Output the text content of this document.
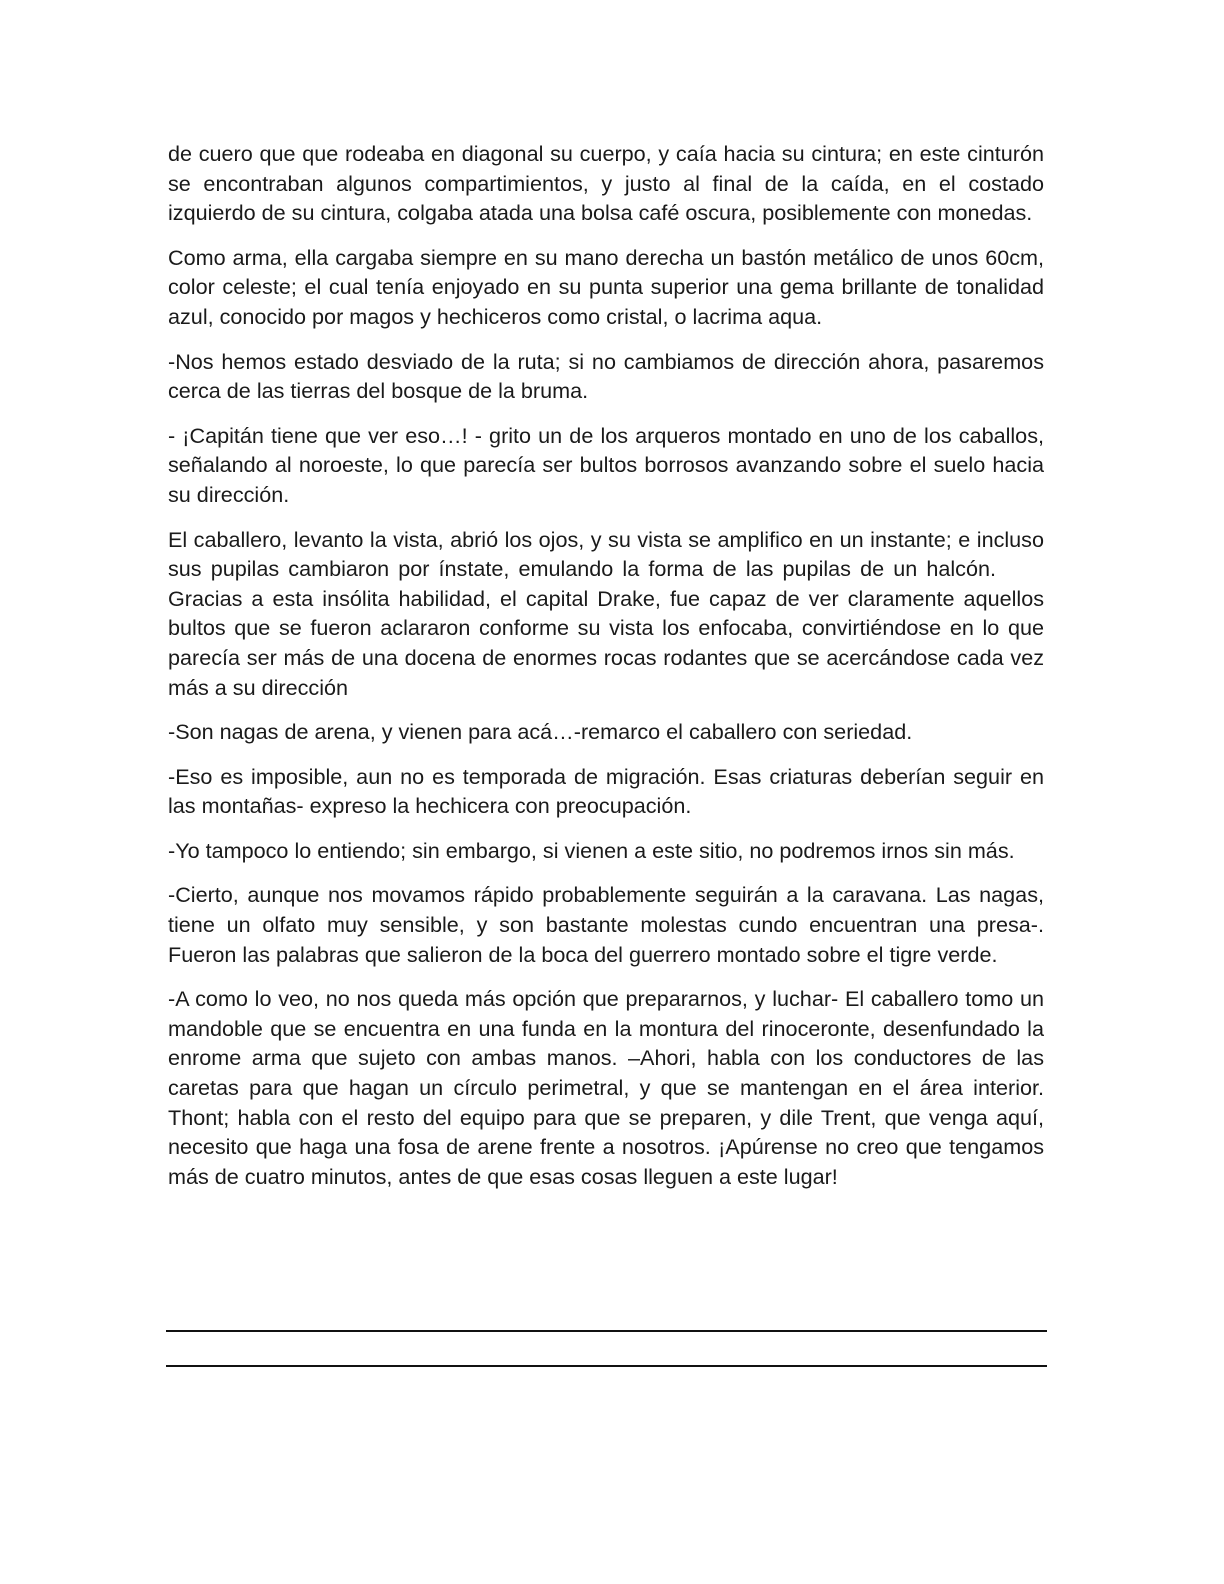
de cuero que que rodeaba en diagonal su cuerpo, y caía hacia su cintura; en este cinturón se encontraban algunos compartimientos, y justo al final de la caída, en el costado izquierdo de su cintura, colgaba atada una bolsa café oscura, posiblemente con monedas.

Como arma, ella cargaba siempre en su mano derecha un bastón metálico de unos 60cm, color celeste; el cual tenía enjoyado en su punta superior una gema brillante de tonalidad azul, conocido por magos y hechiceros como cristal, o lacrima aqua.

-Nos hemos estado desviado de la ruta; si no cambiamos de dirección ahora, pasaremos cerca de las tierras del bosque de la bruma.

- ¡Capitán tiene que ver eso…! - grito un de los arqueros montado en uno de los caballos, señalando al noroeste, lo que parecía ser bultos borrosos avanzando sobre el suelo hacia su dirección.

El caballero, levanto la vista, abrió los ojos, y su vista se amplifico en un instante; e incluso sus pupilas cambiaron por ínstate, emulando la forma de las pupilas de un halcón.Gracias a esta insólita habilidad, el capital Drake, fue capaz de ver claramente aquellos bultos que se fueron aclararon conforme su vista los enfocaba, convirtiéndose en lo que parecía ser más de una docena de enormes rocas rodantes que se acercándose cada vez más a su dirección

-Son nagas de arena, y vienen para acá…-remarco el caballero con seriedad.

-Eso es imposible, aun no es temporada de migración. Esas criaturas deberían seguir en las montañas- expreso la hechicera con preocupación.

-Yo tampoco lo entiendo; sin embargo, si vienen a este sitio, no podremos irnos sin más.

-Cierto, aunque nos movamos rápido probablemente seguirán a la caravana. Las nagas, tiene un olfato muy sensible, y son bastante molestas cundo encuentran una presa-. Fueron las palabras que salieron de la boca del guerrero montado sobre el tigre verde.

-A como lo veo, no nos queda más opción que prepararnos, y luchar- El caballero tomo un mandoble que se encuentra en una funda en la montura del rinoceronte, desenfundado la enrome arma que sujeto con ambas manos. –Ahori, habla con los conductores de las caretas para que hagan un círculo perimetral, y que se mantengan en el área interior. Thont; habla con el resto del equipo para que se preparen, y dile Trent, que venga aquí, necesito que haga una fosa de arene frente a nosotros. ¡Apúrense no creo que tengamos más de cuatro minutos, antes de que esas cosas lleguen a este lugar!
